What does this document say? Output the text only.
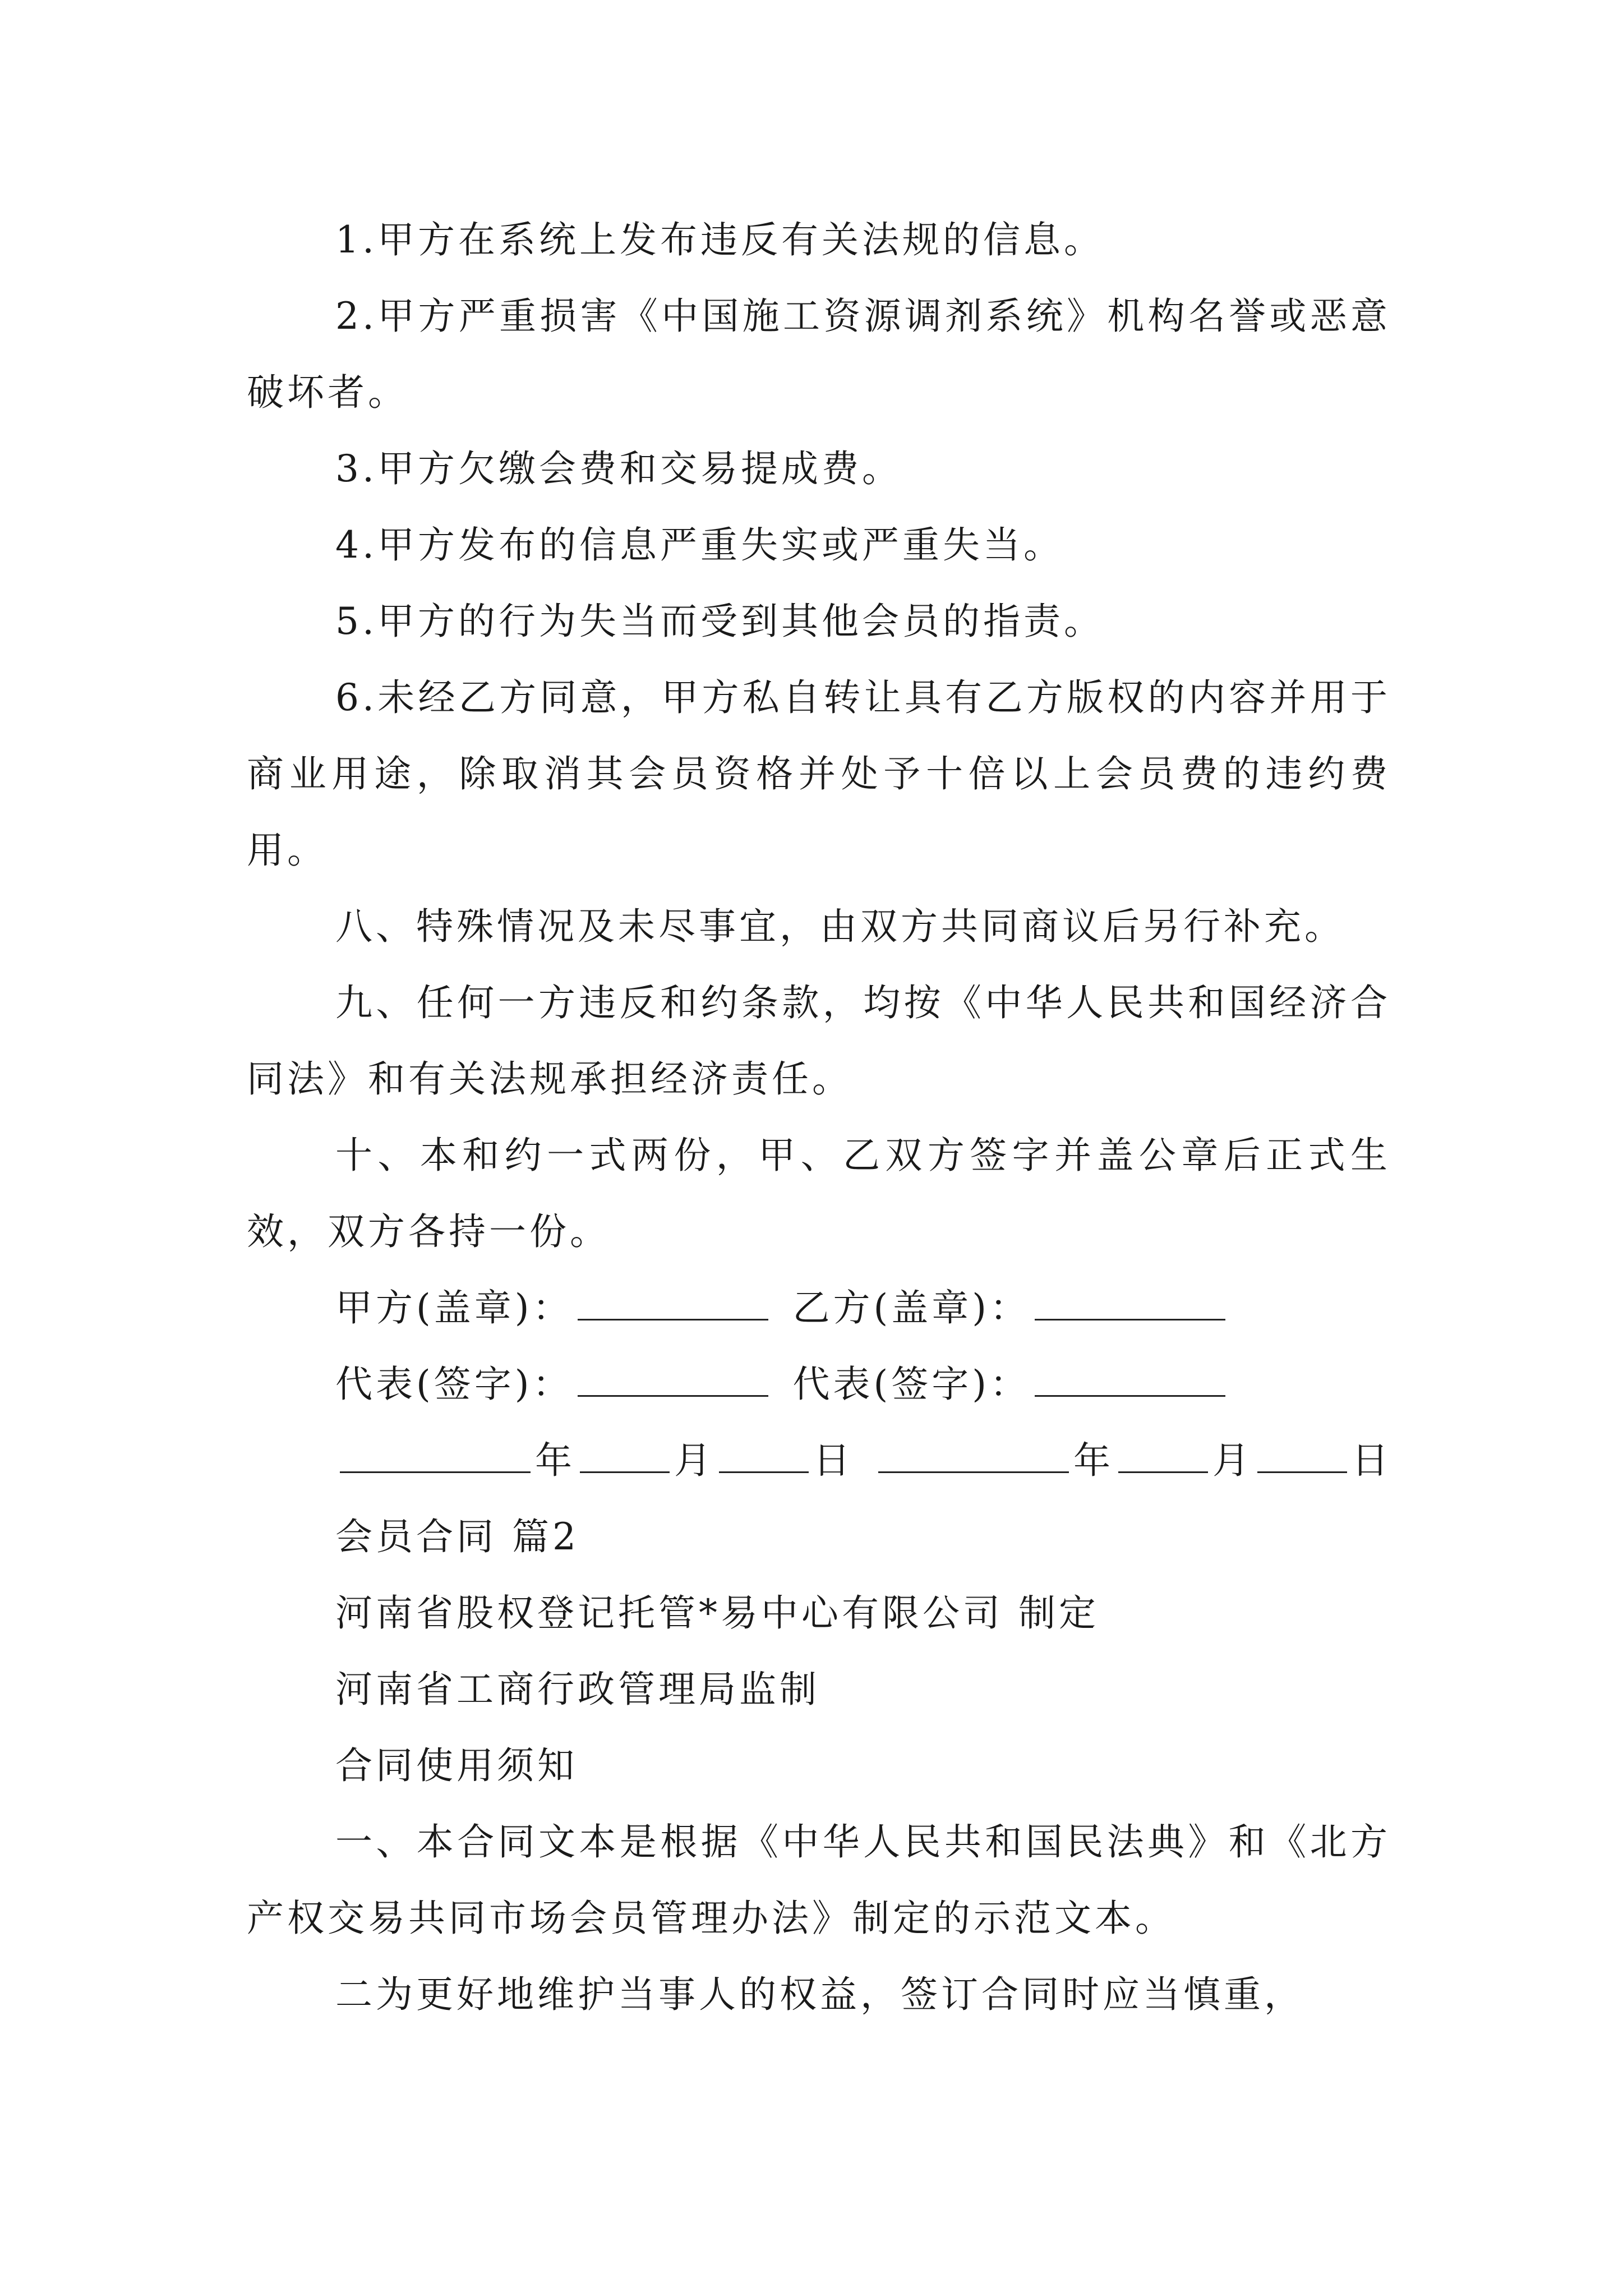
1.甲方在系统上发布违反有关法规的信息。

2.甲方严重损害《中国施工资源调剂系统》机构名誉或恶意破坏者。

3.甲方欠缴会费和交易提成费。

4.甲方发布的信息严重失实或严重失当。

5.甲方的行为失当而受到其他会员的指责。

6.未经乙方同意，甲方私自转让具有乙方版权的内容并用于商业用途，除取消其会员资格并处予十倍以上会员费的违约费用。

八、特殊情况及未尽事宜，由双方共同商议后另行补充。

九、任何一方违反和约条款，均按《中华人民共和国经济合同法》和有关法规承担经济责任。

十、本和约一式两份，甲、乙双方签字并盖公章后正式生效，双方各持一份。

甲方(盖章)：	乙方(盖章)：
代表(签字)：	代表(签字)：
年	月	日	年	月	日

会员合同 篇2

河南省股权登记托管*易中心有限公司 制定

河南省工商行政管理局监制

合同使用须知

一、本合同文本是根据《中华人民共和国民法典》和《北方产权交易共同市场会员管理办法》制定的示范文本。

二为更好地维护当事人的权益，签订合同时应当慎重，
